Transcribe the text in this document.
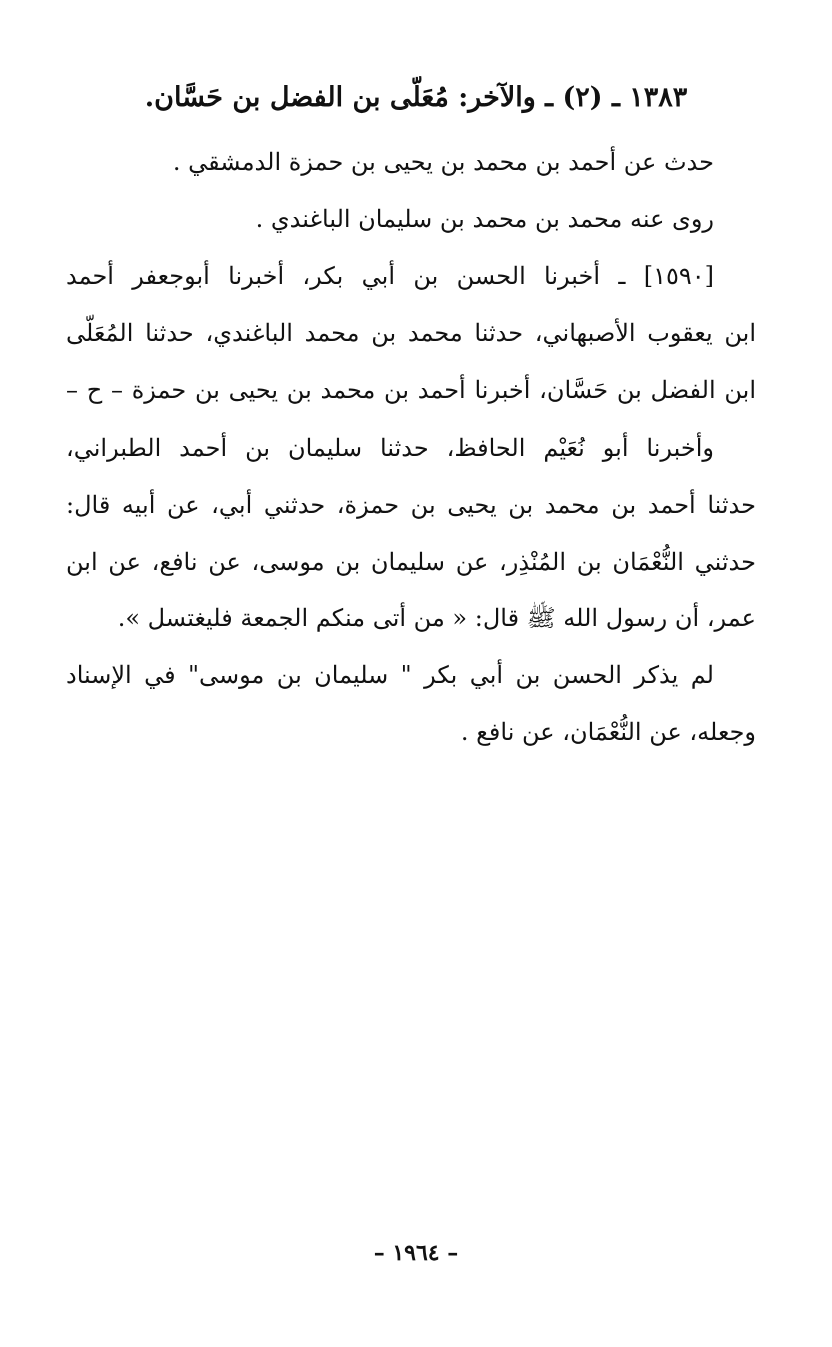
١٣٨٣ ـ (٢) ـ والآخر: مُعَلّى بن الفضل بن حَسَّان.
حدث عن أحمد بن محمد بن يحيى بن حمزة الدمشقي .
روى عنه محمد بن محمد بن سليمان الباغندي .
[١٥٩٠] ـ أخبرنا الحسن بن أبي بكر، أخبرنا أبوجعفر أحمد
ابن يعقوب الأصبهاني، حدثنا محمد بن محمد الباغندي، حدثنا المُعَلّى
ابن الفضل بن حَسَّان، أخبرنا أحمد بن محمد بن يحيى بن حمزة – ح –
وأخبرنا أبو نُعَيْم الحافظ، حدثنا سليمان بن أحمد الطبراني،
حدثنا أحمد بن محمد بن يحيى بن حمزة، حدثني أبي، عن أبيه قال:
حدثني النُّعْمَان بن المُنْذِر، عن سليمان بن موسى، عن نافع، عن ابن
عمر، أن رسول الله ﷺ قال: « من أتى منكم الجمعة فليغتسل ».
لم يذكر الحسن بن أبي بكر " سليمان بن موسى" في الإسناد
وجعله، عن النُّعْمَان، عن نافع .
– ١٩٦٤ –
